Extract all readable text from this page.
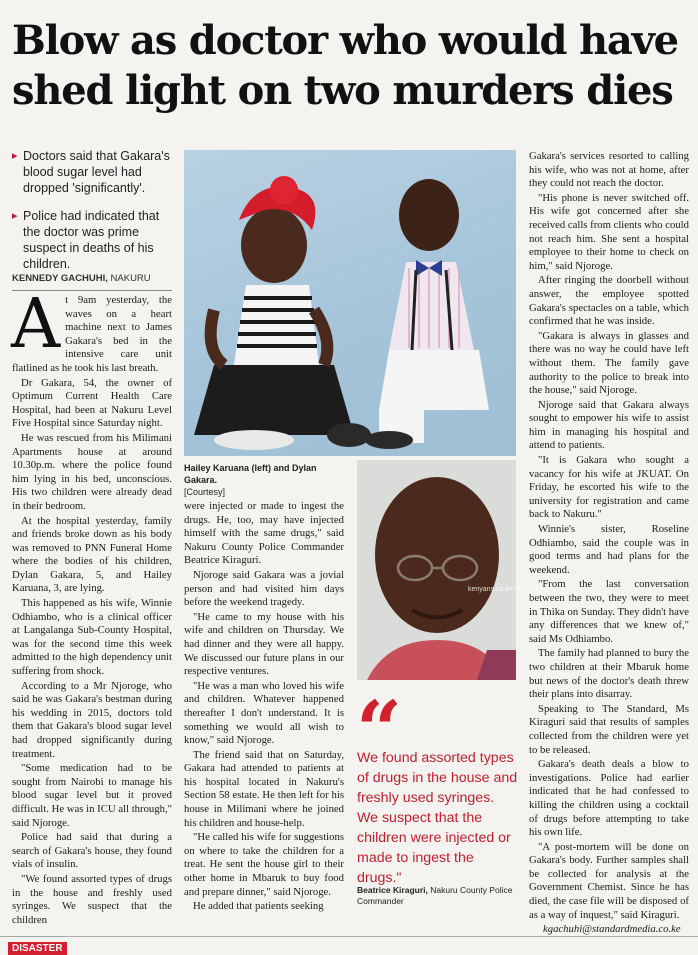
Blow as doctor who would have
shed light on two murders dies
▸ Doctors said that Gakara's blood sugar level had dropped 'significantly'.
▸ Police had indicated that the doctor was prime suspect in deaths of his children.
KENNEDY GACHUHI, NAKURU

At 9am yesterday, the waves on a heart machine next to James Gakara's bed in the intensive care unit flatlined as he took his last breath.

Dr Gakara, 54, the owner of Optimum Current Health Care Hospital, had been at Nakuru Level Five Hospital since Saturday night.

He was rescued from his Milimani Apartments house at around 10.30p.m. where the police found him lying in his bed, unconscious. His two children were already dead in their bedroom.

At the hospital yesterday, family and friends broke down as his body was removed to PNN Funeral Home where the bodies of his children, Dylan Gakara, 5, and Hailey Karuana, 3, are lying.

This happened as his wife, Winnie Odhiambo, who is a clinical officer at Langalanga Sub-County Hospital, was for the second time this week admitted to the high dependency unit suffering from shock.

According to a Mr Njoroge, who said he was Gakara's bestman during his wedding in 2015, doctors told them that Gakara's blood sugar level had dropped significantly during treatment.

"Some medication had to be sought from Nairobi to manage his blood sugar level but it proved difficult. He was in ICU all through," said Njoroge.

Police had said that during a search of Gakara's house, they found vials of insulin.

"We found assorted types of drugs in the house and freshly used syringes. We suspect that the children

Hailey Karuana (left) and Dylan Gakara.
[Courtesy]

were injected or made to ingest the drugs. He, too, may have injected himself with the same drugs," said Nakuru County Police Commander Beatrice Kiraguri.

Njoroge said Gakara was a jovial person and had visited him days before the weekend tragedy.

"He came to my house with his wife and children on Thursday. We had dinner and they were all happy. We discussed our future plans in our respective ventures.

"He was a man who loved his wife and children. Whatever happened thereafter I don't understand. It is something we would all wish to know," said Njoroge.

The friend said that on Saturday, Gakara had attended to patients at his hospital located in Nakuru's Section 58 estate. He then left for his house in Milimani where he joined his children and house-help.

"He called his wife for suggestions on where to take the children for a treat. He sent the house girl to their other home in Mbaruk to buy food and prepare dinner," said Njoroge.

He added that patients seeking

kenyans.co.ke/2024/11/...
“
We found assorted types of drugs in the house and freshly used syringes. We suspect that the children were injected or made to ingest the drugs."
Beatrice Kiraguri, Nakuru County Police Commander

Gakara's services resorted to calling his wife, who was not at home, after they could not reach the doctor.

"His phone is never switched off. His wife got concerned after she received calls from clients who could not reach him. She sent a hospital employee to their home to check on him," said Njoroge.

After ringing the doorbell without answer, the employee spotted Gakara's spectacles on a table, which confirmed that he was inside.

"Gakara is always in glasses and there was no way he could have left without them. The family gave authority to the police to break into the house," said Njoroge.

Njoroge said that Gakara always sought to empower his wife to assist him in managing his hospital and attend to patients.

"It is Gakara who sought a vacancy for his wife at JKUAT. On Friday, he escorted his wife to the university for registration and came back to Nakuru."

Winnie's sister, Roseline Odhiambo, said the couple was in good terms and had plans for the weekend.

"From the last conversation between the two, they were to meet in Thika on Sunday. They didn't have any differences that we knew of," said Ms Odhiambo.

The family had planned to bury the two children at their Mbaruk home but news of the doctor's death threw their plans into disarray.

Speaking to The Standard, Ms Kiraguri said that results of samples collected from the children were yet to be released.

Gakara's death deals a blow to investigations. Police had earlier indicated that he had confessed to killing the children using a cocktail of drugs before attempting to take his own life.

"A post-mortem will be done on Gakara's body. Further samples shall be collected for analysis at the Government Chemist. Since he has died, the case file will be disposed of as a way of inquest," said Kiraguri.

kgachuhi@standardmedia.co.ke

DISASTER
